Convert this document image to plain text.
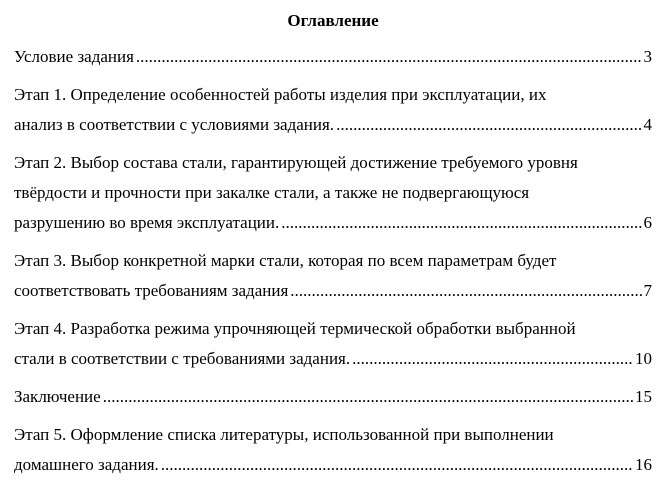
Оглавление
Условие задания .....	3
Этап 1. Определение особенностей работы изделия при эксплуатации, их
анализ в соответствии с условиями задания. .....	4
Этап 2. Выбор состава стали, гарантирующей достижение требуемого уровня
твёрдости и прочности при закалке стали, а также не подвергающуюся
разрушению во время эксплуатации. .....	6
Этап 3. Выбор конкретной марки стали, которая по всем параметрам будет
соответствовать требованиям задания .....	7
Этап 4. Разработка режима упрочняющей термической обработки выбранной
стали в соответствии с требованиями задания. .....	10
Заключение .....	15
Этап 5. Оформление списка литературы, использованной при выполнении
домашнего задания. .....	16
